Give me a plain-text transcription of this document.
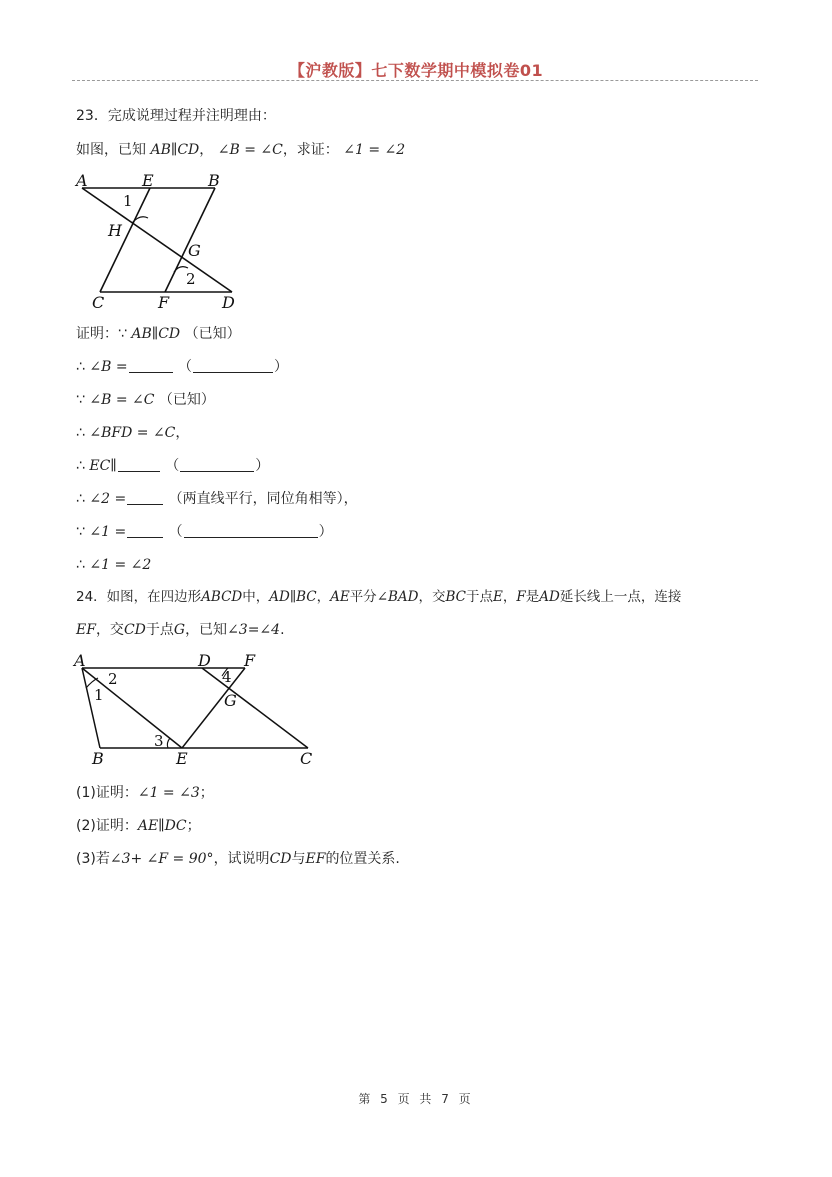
【沪教版】七下数学期中模拟卷01
23．完成说理过程并注明理由：
如图，已知 AB∥CD， ∠B = ∠C，求证： ∠1 = ∠2
A	E	B
1
H
G
2
C	F	D
证明：∵ AB∥CD （已知）
∴ ∠B =	（	）
∵ ∠B = ∠C （已知）
∴ ∠BFD = ∠C，
∴ EC∥	（	）
∴ ∠2 =	（两直线平行，同位角相等），
∵ ∠1 =	（	）
∴ ∠1 = ∠2
24．如图，在四边形ABCD中，AD∥BC，AE平分∠BAD，交BC于点E，F是AD延长线上一点，连接
EF，交CD于点G，已知∠3=∠4.
A	D F
2
1
4
G
3
B	E	C
(1)证明：∠1 = ∠3；
(2)证明：AE∥DC；
(3)若∠3+ ∠F = 90°，试说明CD与EF的位置关系.
第 5 页 共 7 页
